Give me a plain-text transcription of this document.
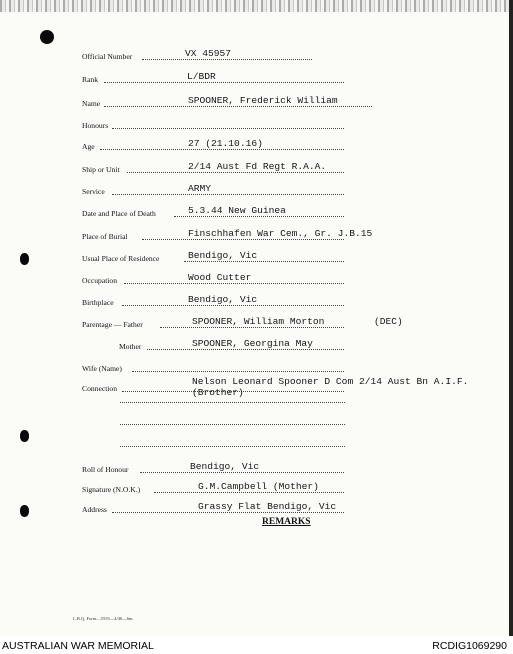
Official Number	VX 45957
Rank	L/BDR
Name	SPOONER, Frederick William
Honours
Age	27 (21.10.16)
Ship or Unit	2/14 Aust Fd Regt R.A.A.
Service	ARMY
Date and Place of Death	5.3.44 New Guinea
Place of Burial	Finschhafen War Cem., Gr. J.B.15
Usual Place of Residence	Bendigo, Vic
Occupation	Wood Cutter
Birthplace	Bendigo, Vic
Parentage — Father	SPOONER, William Morton	(DEC)
Mother	SPOONER, Georgina May
Wife (Name)
Connection
Nelson Leonard Spooner D Com 2/14 Aust Bn A.I.F.
(Brother)
Roll of Honour	Bendigo, Vic
Signature (N.O.K.)	G.M.Campbell (Mother)
Address	Grassy Flat Bendigo, Vic
REMARKS
L.B.Q. Form—5555—4/46—6m.
AUSTRALIAN WAR MEMORIAL	RCDIG1069290
